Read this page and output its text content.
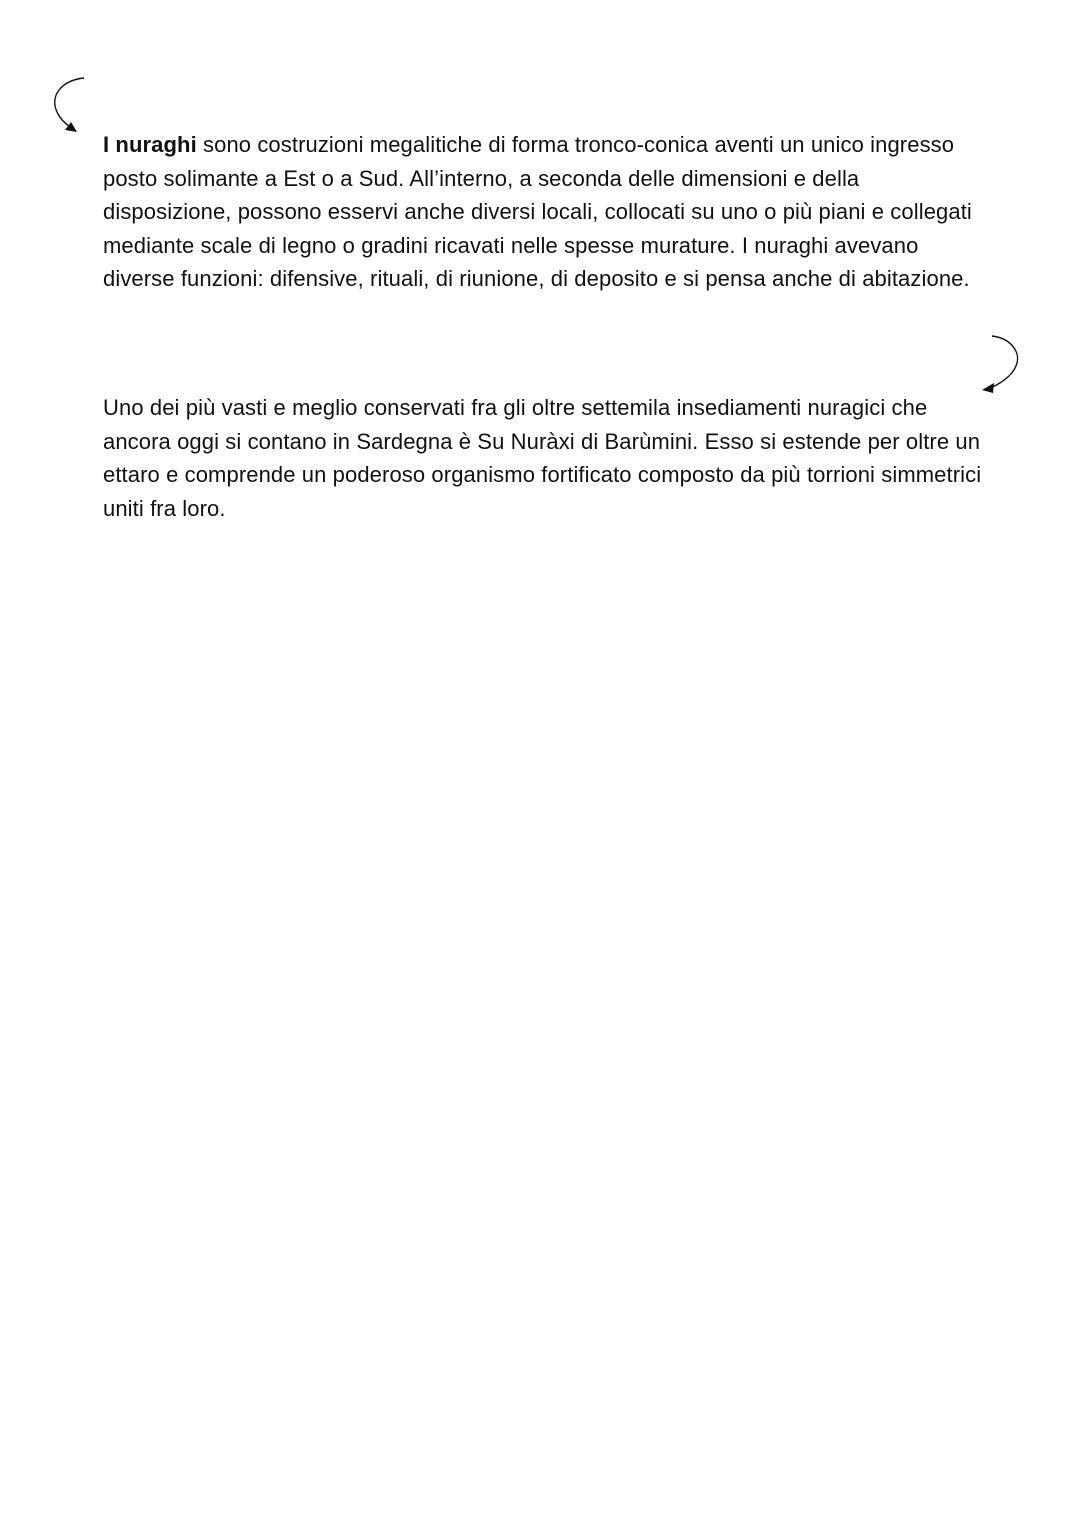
I nuraghi sono costruzioni megalitiche di forma tronco-conica aventi un unico ingresso posto solimante a Est o a Sud. All’interno, a seconda delle dimensioni e della disposizione, possono esservi anche diversi locali, collocati su uno o più piani e collegati mediante scale di legno o gradini ricavati nelle spesse murature. I nuraghi avevano diverse funzioni: difensive, rituali, di riunione, di deposito e si pensa anche di abitazione.

Uno dei più vasti e meglio conservati fra gli oltre settemila insediamenti nuragici che ancora oggi si contano in Sardegna è Su Nuràxi di Barùmini. Esso si estende per oltre un ettaro e comprende un poderoso organismo fortificato composto da più torrioni simmetrici uniti fra loro.
